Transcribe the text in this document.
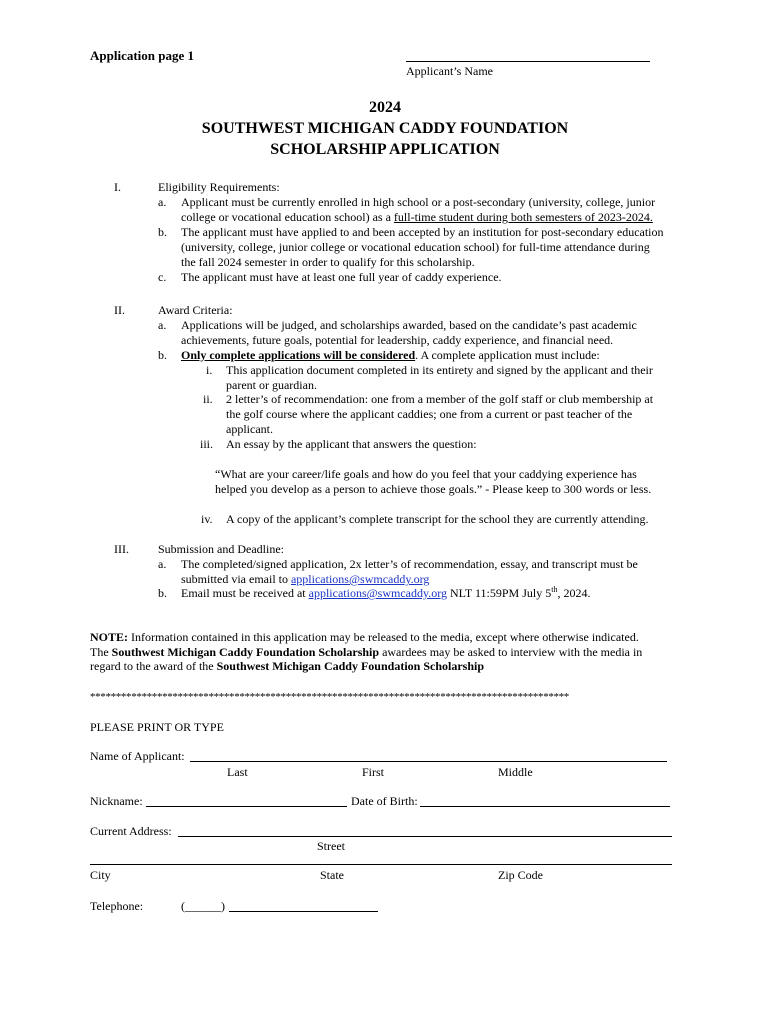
Application page 1
Applicant’s Name
2024
SOUTHWEST MICHIGAN CADDY FOUNDATION
SCHOLARSHIP APPLICATION
I.	Eligibility Requirements:
a. Applicant must be currently enrolled in high school or a post-secondary (university, college, junior
college or vocational education school) as a full-time student during both semesters of 2023-2024.
b. The applicant must have applied to and been accepted by an institution for post-secondary education
(university, college, junior college or vocational education school) for full-time attendance during
the fall 2024 semester in order to qualify for this scholarship.
c. The applicant must have at least one full year of caddy experience.
II.	Award Criteria:
a. Applications will be judged, and scholarships awarded, based on the candidate’s past academic
achievements, future goals, potential for leadership, caddy experience, and financial need.
b. Only complete applications will be considered. A complete application must include:
i. This application document completed in its entirety and signed by the applicant and their
parent or guardian.
ii. 2 letter’s of recommendation: one from a member of the golf staff or club membership at
the golf course where the applicant caddies; one from a current or past teacher of the
applicant.
iii. An essay by the applicant that answers the question:
“What are your career/life goals and how do you feel that your caddying experience has
helped you develop as a person to achieve those goals.” - Please keep to 300 words or less.
iv. A copy of the applicant’s complete transcript for the school they are currently attending.
III. Submission and Deadline:
a. The completed/signed application, 2x letter’s of recommendation, essay, and transcript must be
submitted via email to applications@swmcaddy.org
b. Email must be received at applications@swmcaddy.org NLT 11:59PM July 5th, 2024.
NOTE: Information contained in this application may be released to the media, except where otherwise indicated.
The Southwest Michigan Caddy Foundation Scholarship awardees may be asked to interview with the media in
regard to the award of the Southwest Michigan Caddy Foundation Scholarship
*********************************************************************************************
PLEASE PRINT OR TYPE
Name of Applicant:
Last	First	Middle
Nickname:	Date of Birth:
Current Address:
Street
City	State	Zip Code
Telephone:	(______)
